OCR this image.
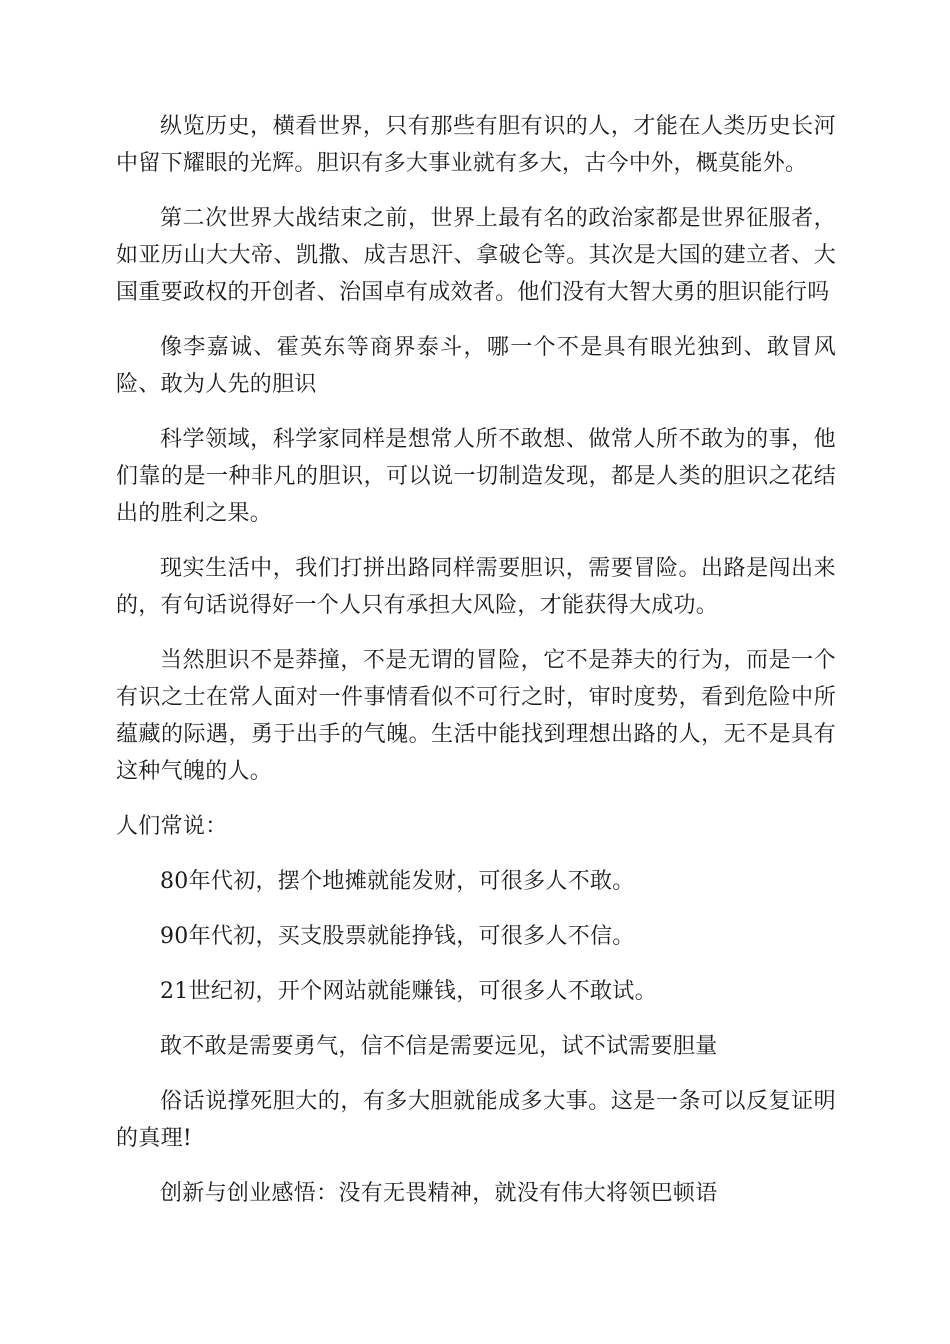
纵览历史，横看世界，只有那些有胆有识的人，才能在人类历史长河中留下耀眼的光辉。胆识有多大事业就有多大，古今中外，概莫能外。

第二次世界大战结束之前，世界上最有名的政治家都是世界征服者，如亚历山大大帝、凯撒、成吉思汗、拿破仑等。其次是大国的建立者、大国重要政权的开创者、治国卓有成效者。他们没有大智大勇的胆识能行吗

像李嘉诚、霍英东等商界泰斗，哪一个不是具有眼光独到、敢冒风险、敢为人先的胆识

科学领域，科学家同样是想常人所不敢想、做常人所不敢为的事，他们靠的是一种非凡的胆识，可以说一切制造发现，都是人类的胆识之花结出的胜利之果。

现实生活中，我们打拼出路同样需要胆识，需要冒险。出路是闯出来的，有句话说得好一个人只有承担大风险，才能获得大成功。

当然胆识不是莽撞，不是无谓的冒险，它不是莽夫的行为，而是一个有识之士在常人面对一件事情看似不可行之时，审时度势，看到危险中所蕴藏的际遇，勇于出手的气魄。生活中能找到理想出路的人，无不是具有这种气魄的人。

人们常说：

80年代初，摆个地摊就能发财，可很多人不敢。

90年代初，买支股票就能挣钱，可很多人不信。

21世纪初，开个网站就能赚钱，可很多人不敢试。

敢不敢是需要勇气，信不信是需要远见，试不试需要胆量

俗话说撑死胆大的，有多大胆就能成多大事。这是一条可以反复证明的真理!

创新与创业感悟：没有无畏精神，就没有伟大将领巴顿语
